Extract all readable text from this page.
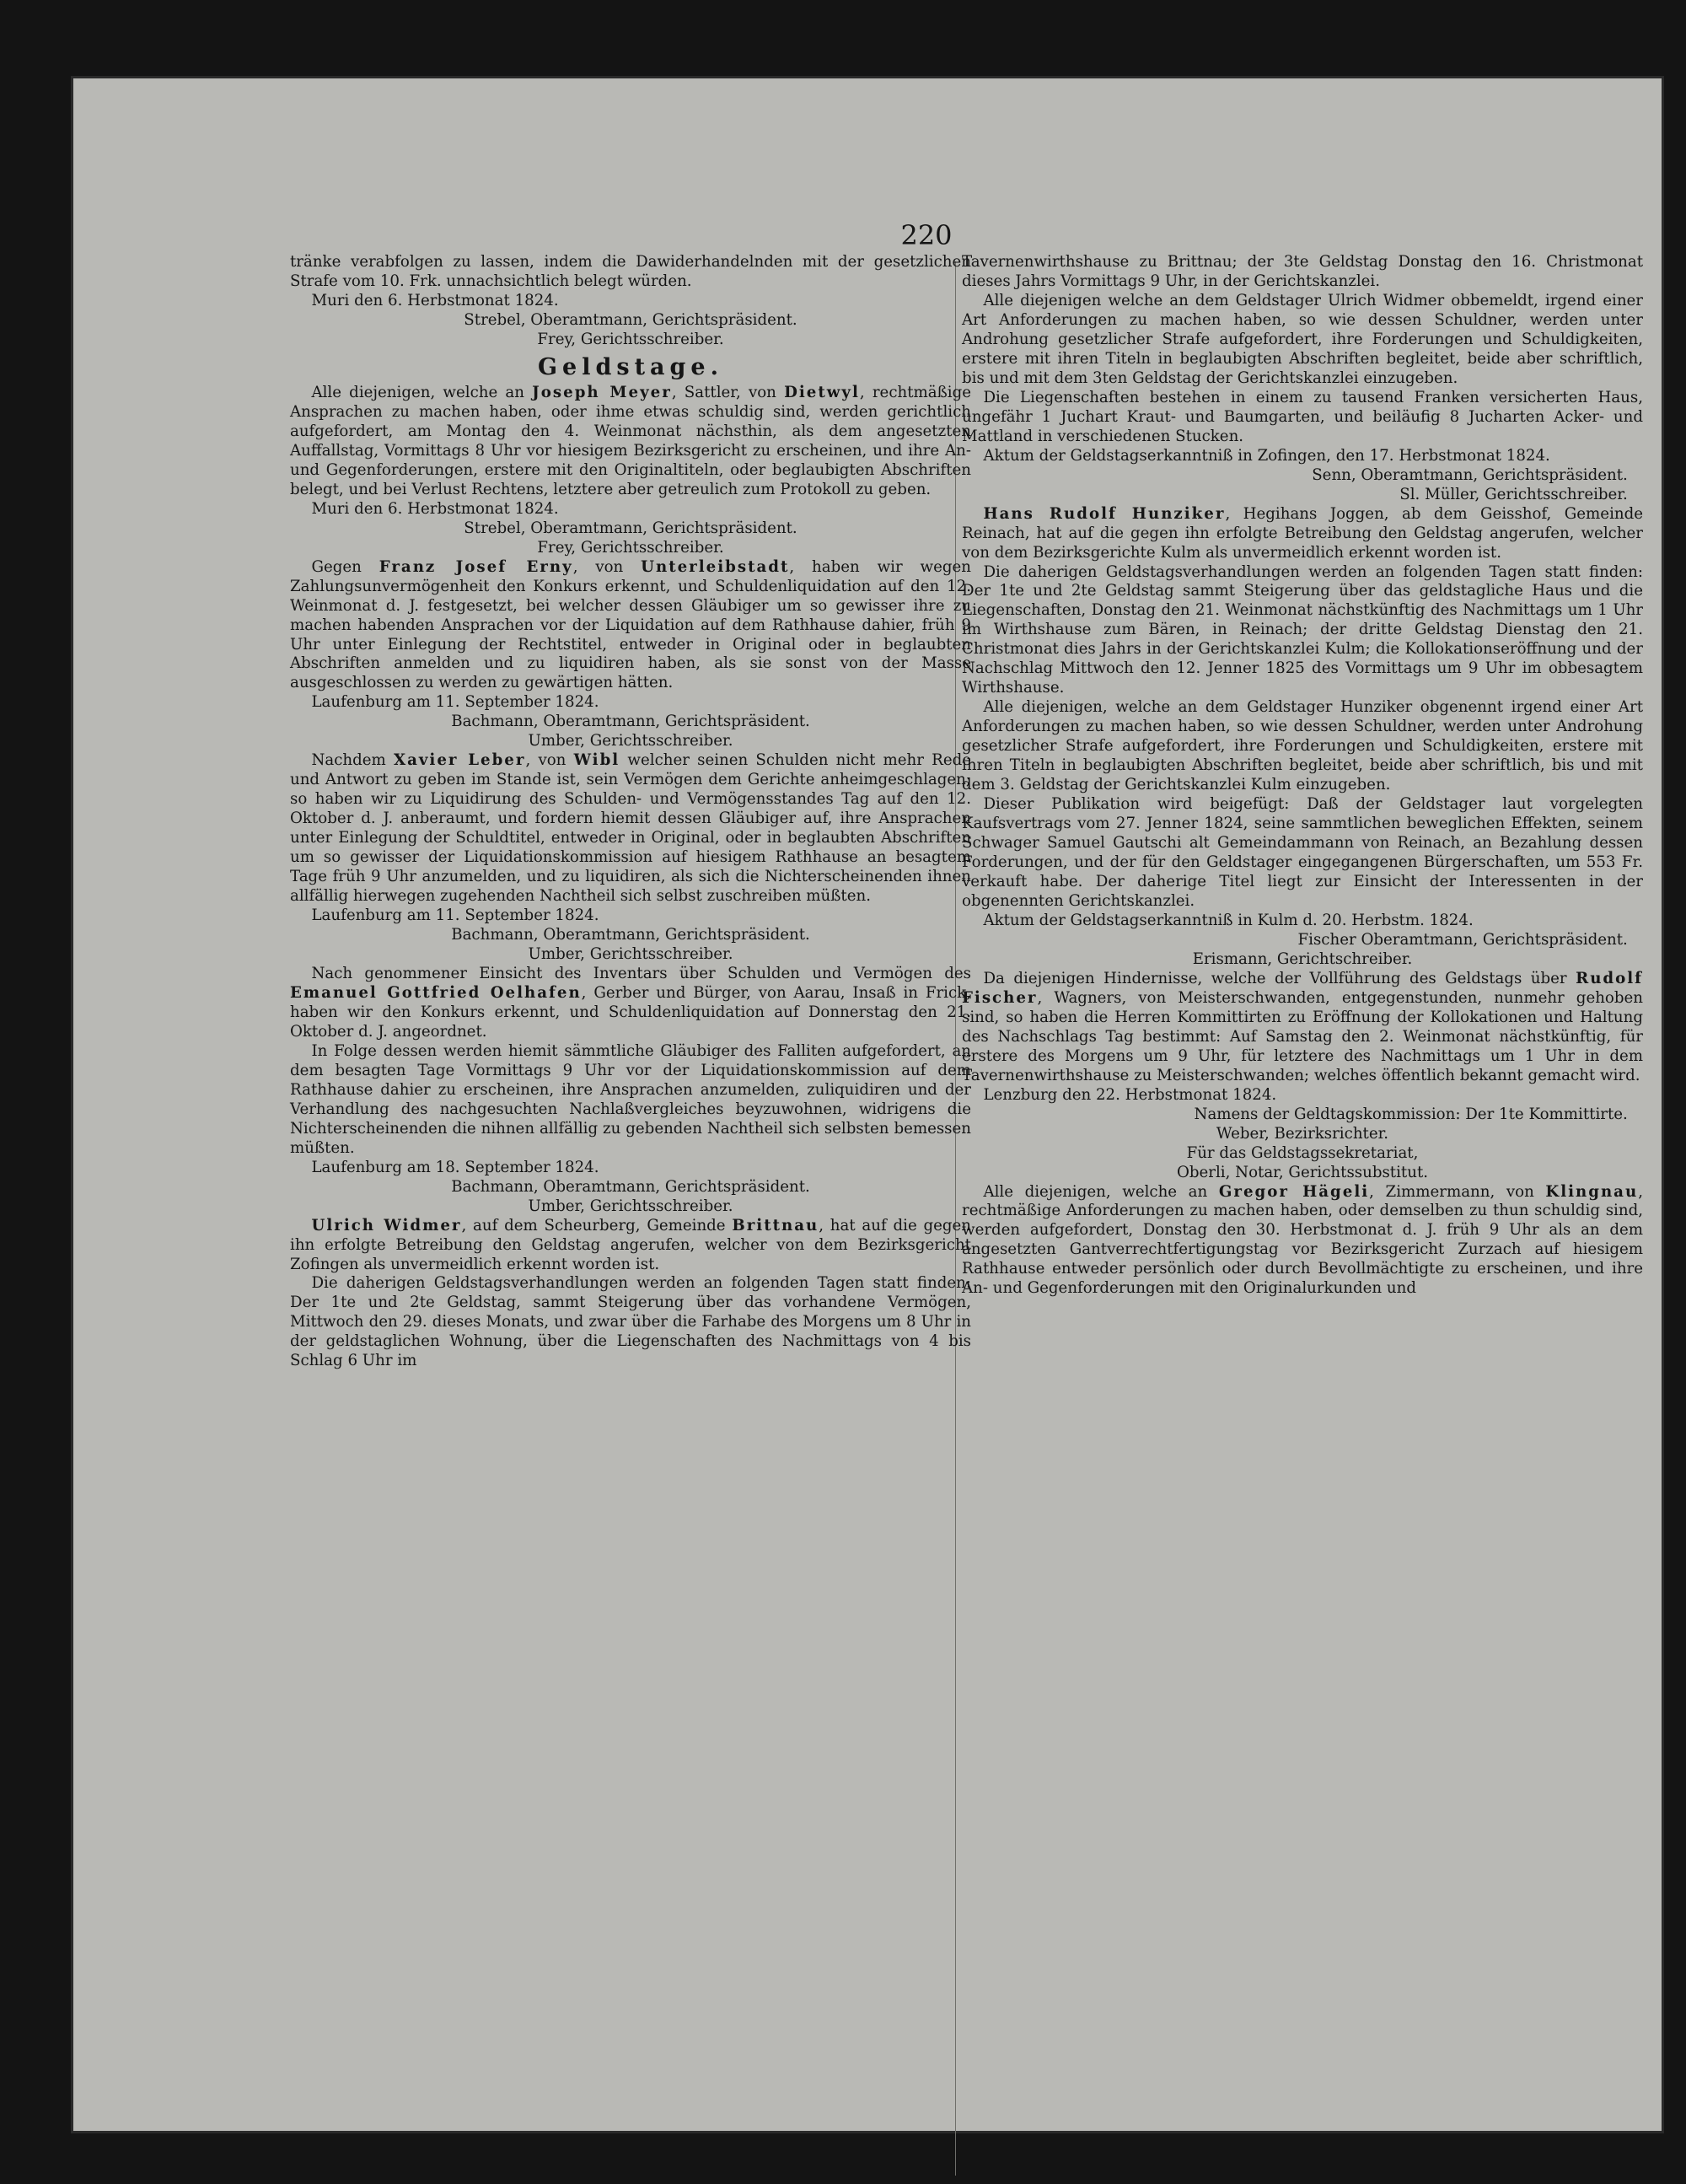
220

tränke verabfolgen zu lassen, indem die Dawiderhandelnden mit der gesetzlichen Strafe vom 10. Frk. unnachsichtlich belegt würden.

Muri den 6. Herbstmonat 1824.

Strebel, Oberamtmann, Gerichtspräsident.

Frey, Gerichtsschreiber.

Geldstage.

Alle diejenigen, welche an Joseph Meyer, Sattler, von Dietwyl, rechtmäßige Ansprachen zu machen haben, oder ihme etwas schuldig sind, werden gerichtlich aufgefordert, am Montag den 4. Weinmonat nächsthin, als dem angesetzten Auffallstag, Vormittags 8 Uhr vor hiesigem Bezirksgericht zu erscheinen, und ihre An- und Gegenforderungen, erstere mit den Originaltiteln, oder beglaubigten Abschriften belegt, und bei Verlust Rechtens, letztere aber getreulich zum Protokoll zu geben.

Muri den 6. Herbstmonat 1824.

Strebel, Oberamtmann, Gerichtspräsident.

Frey, Gerichtsschreiber.

Gegen Franz Josef Erny, von Unterleibstadt, haben wir wegen Zahlungsunvermögenheit den Konkurs erkennt, und Schuldenliquidation auf den 12. Weinmonat d. J. festgesetzt, bei welcher dessen Gläubiger um so gewisser ihre zu machen habenden Ansprachen vor der Liquidation auf dem Rathhause dahier, früh 9 Uhr unter Einlegung der Rechtstitel, entweder in Original oder in beglaubten Abschriften anmelden und zu liquidiren haben, als sie sonst von der Masse ausgeschlossen zu werden zu gewärtigen hätten.

Laufenburg am 11. September 1824.

Bachmann, Oberamtmann, Gerichtspräsident.

Umber, Gerichtsschreiber.

Nachdem Xavier Leber, von Wibl welcher seinen Schulden nicht mehr Rede und Antwort zu geben im Stande ist, sein Vermögen dem Gerichte anheimgeschlagen; so haben wir zu Liquidirung des Schulden- und Vermögensstandes Tag auf den 12. Oktober d. J. anberaumt, und fordern hiemit dessen Gläubiger auf, ihre Ansprachen unter Einlegung der Schuldtitel, entweder in Original, oder in beglaubten Abschriften um so gewisser der Liquidationskommission auf hiesigem Rathhause an besagtem Tage früh 9 Uhr anzumelden, und zu liquidiren, als sich die Nichterscheinenden ihnen allfällig hierwegen zugehenden Nachtheil sich selbst zuschreiben müßten.

Laufenburg am 11. September 1824.

Bachmann, Oberamtmann, Gerichtspräsident.

Umber, Gerichtsschreiber.

Nach genommener Einsicht des Inventars über Schulden und Vermögen des Emanuel Gottfried Oelhafen, Gerber und Bürger, von Aarau, Insaß in Frick, haben wir den Konkurs erkennt, und Schuldenliquidation auf Donnerstag den 21. Oktober d. J. angeordnet.

In Folge dessen werden hiemit sämmtliche Gläubiger des Falliten aufgefordert, an dem besagten Tage Vormittags 9 Uhr vor der Liquidationskommission auf dem Rathhause dahier zu erscheinen, ihre Ansprachen anzumelden, zuliquidiren und der Verhandlung des nachgesuchten Nachlaßvergleiches beyzuwohnen, widrigens die Nichterscheinenden die nihnen allfällig zu gebenden Nachtheil sich selbsten bemessen müßten.

Laufenburg am 18. September 1824.

Bachmann, Oberamtmann, Gerichtspräsident.

Umber, Gerichtsschreiber.

Ulrich Widmer, auf dem Scheurberg, Gemeinde Brittnau, hat auf die gegen ihn erfolgte Betreibung den Geldstag angerufen, welcher von dem Bezirksgericht Zofingen als unvermeidlich erkennt worden ist.

Die daherigen Geldstagsverhandlungen werden an folgenden Tagen statt finden: Der 1te und 2te Geldstag, sammt Steigerung über das vorhandene Vermögen, Mittwoch den 29. dieses Monats, und zwar über die Farhabe des Morgens um 8 Uhr in der geldstaglichen Wohnung, über die Liegenschaften des Nachmittags von 4 bis Schlag 6 Uhr im

Tavernenwirthshause zu Brittnau; der 3te Geldstag Donstag den 16. Christmonat dieses Jahrs Vormittags 9 Uhr, in der Gerichtskanzlei.

Alle diejenigen welche an dem Geldstager Ulrich Widmer obbemeldt, irgend einer Art Anforderungen zu machen haben, so wie dessen Schuldner, werden unter Androhung gesetzlicher Strafe aufgefordert, ihre Forderungen und Schuldigkeiten, erstere mit ihren Titeln in beglaubigten Abschriften begleitet, beide aber schriftlich, bis und mit dem 3ten Geldstag der Gerichtskanzlei einzugeben.

Die Liegenschaften bestehen in einem zu tausend Franken versicherten Haus, ungefähr 1 Juchart Kraut- und Baumgarten, und beiläufig 8 Jucharten Acker- und Mattland in verschiedenen Stucken.

Aktum der Geldstagserkanntniß in Zofingen, den 17. Herbstmonat 1824.

Senn, Oberamtmann, Gerichtspräsident.

Sl. Müller, Gerichtsschreiber.

Hans Rudolf Hunziker, Hegihans Joggen, ab dem Geisshof, Gemeinde Reinach, hat auf die gegen ihn erfolgte Betreibung den Geldstag angerufen, welcher von dem Bezirksgerichte Kulm als unvermeidlich erkennt worden ist.

Die daherigen Geldstagsverhandlungen werden an folgenden Tagen statt finden: Der 1te und 2te Geldstag sammt Steigerung über das geldstagliche Haus und die Liegenschaften, Donstag den 21. Weinmonat nächstkünftig des Nachmittags um 1 Uhr im Wirthshause zum Bären, in Reinach; der dritte Geldstag Dienstag den 21. Christmonat dies Jahrs in der Gerichtskanzlei Kulm; die Kollokationseröffnung und der Nachschlag Mittwoch den 12. Jenner 1825 des Vormittags um 9 Uhr im obbesagtem Wirthshause.

Alle diejenigen, welche an dem Geldstager Hunziker obgenennt irgend einer Art Anforderungen zu machen haben, so wie dessen Schuldner, werden unter Androhung gesetzlicher Strafe aufgefordert, ihre Forderungen und Schuldigkeiten, erstere mit ihren Titeln in beglaubigten Abschriften begleitet, beide aber schriftlich, bis und mit dem 3. Geldstag der Gerichtskanzlei Kulm einzugeben.

Dieser Publikation wird beigefügt: Daß der Geldstager laut vorgelegten Kaufsvertrags vom 27. Jenner 1824, seine sammtlichen beweglichen Effekten, seinem Schwager Samuel Gautschi alt Gemeindammann von Reinach, an Bezahlung dessen Forderungen, und der für den Geldstager eingegangenen Bürgerschaften, um 553 Fr. verkauft habe. Der daherige Titel liegt zur Einsicht der Interessenten in der obgenennten Gerichtskanzlei.

Aktum der Geldstagserkanntniß in Kulm d. 20. Herbstm. 1824.

Fischer Oberamtmann, Gerichtspräsident.

Erismann, Gerichtschreiber.

Da diejenigen Hindernisse, welche der Vollführung des Geldstags über Rudolf Fischer, Wagners, von Meisterschwanden, entgegenstunden, nunmehr gehoben sind, so haben die Herren Kommittirten zu Eröffnung der Kollokationen und Haltung des Nachschlags Tag bestimmt: Auf Samstag den 2. Weinmonat nächstkünftig, für erstere des Morgens um 9 Uhr, für letztere des Nachmittags um 1 Uhr in dem Tavernenwirthshause zu Meisterschwanden; welches öffentlich bekannt gemacht wird.

Lenzburg den 22. Herbstmonat 1824.

Namens der Geldtagskommission: Der 1te Kommittirte.

Weber, Bezirksrichter.

Für das Geldstagssekretariat,

Oberli, Notar, Gerichtssubstitut.

Alle diejenigen, welche an Gregor Hägeli, Zimmermann, von Klingnau, rechtmäßige Anforderungen zu machen haben, oder demselben zu thun schuldig sind, werden aufgefordert, Donstag den 30. Herbstmonat d. J. früh 9 Uhr als an dem angesetzten Gantverrechtfertigungstag vor Bezirksgericht Zurzach auf hiesigem Rathhause entweder persönlich oder durch Bevollmächtigte zu erscheinen, und ihre An- und Gegenforderungen mit den Originalurkunden und
